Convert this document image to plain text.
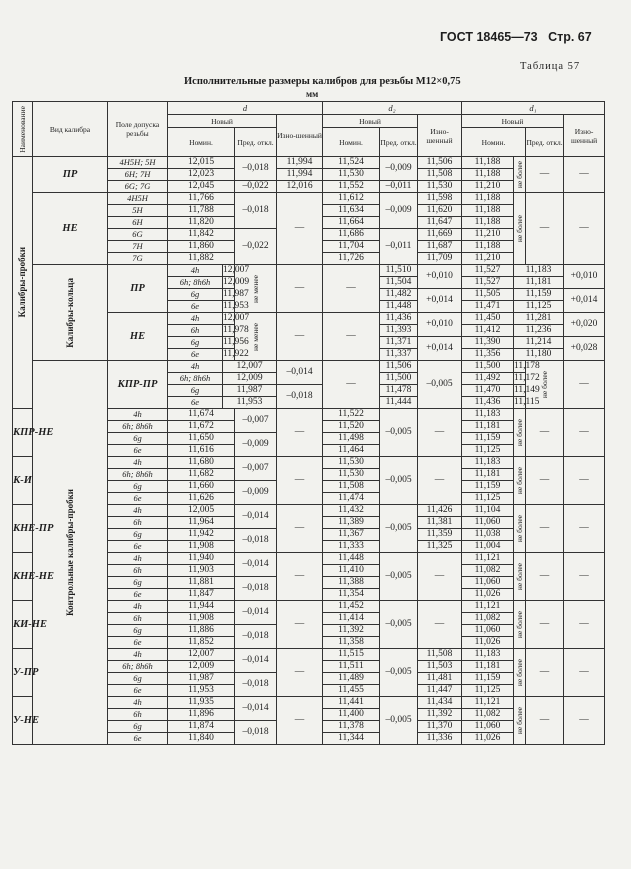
ГОСТ 18465—73 Стр. 67
Таблица 57
Исполнительные размеры калибров для резьбы М12×0,75
мм
Наименование	Вид калибра	Поле допуска резьбы	d				d₂			d₁				
			Новый			Изно-шенный	Новый		Изно-шенный	Новый			Изно-шенный	
			Номин.		Пред. откл.		Номин.	Пред. откл.		Номин.		Пред. откл.		

Калибры-пробки	ПР	4H5H; 5H	12,015		–0,018	11,994	11,524	–0,009	11,506	11,188	не более	—	—	
		6H; 7H	12,023			11,994	11,530		11,508	11,188				
		6G; 7G	12,045		–0,022	12,016	11,552	–0,011	11,530	11,210				
	НЕ	4H5H	11,766		–0,018	—	11,612	–0,009	11,598	11,188	не более	—	—	
		5H	11,788				11,634		11,620	11,188				
		6H	11,820				11,664		11,647	11,188				
		6G	11,842		–0,022		11,686	–0,011	11,669	11,210				
		7H	11,860				11,704		11,687	11,188				
		7G	11,882				11,726		11,709	11,210				

	Калибры-кольца	ПР	4h	12,007	не менее	—	—	11,510	+0,010	11,527	11,183		+0,010	
			6h; 8h6h	12,009				11,504		11,527	11,181	
			6g	11,987				11,482	+0,014	11,505	11,159		+0,014	
			6e	11,953				11,448		11,471	11,125	
		НЕ	4h	12,007	не менее	—	—	11,436	+0,010	11,450	11,281		+0,020	
			6h	11,978				11,393		11,412	11,236			
			6g	11,956				11,371	+0,014	11,390	11,214		+0,028	
			6e	11,922				11,337		11,356	11,180			

	Контрольные калибры-пробки	КПР-ПР	4h	12,007		–0,014	—	11,506	–0,005	11,500	11,178	не более	—	
			6h; 8h6h	12,009				11,500		11,492	11,172			
			6g	11,987		–0,018		11,478		11,470	11,149			
			6e	11,953				11,444		11,436	11,115			
КПР-НЕ		4h	11,674		–0,007	—	11,522	–0,005	—	11,183	не более	—	—	
		6h; 8h6h	11,672				11,520			11,181				
		6g	11,650		–0,009		11,498			11,159				
		6e	11,616				11,464			11,125				
К-И		4h	11,680		–0,007	—	11,530	–0,005	—	11,183	не более	—	—	
		6h; 8h6h	11,682				11,530			11,181				
		6g	11,660		–0,009		11,508			11,159				
		6e	11,626				11,474			11,125				
КНЕ-ПР		4h	12,005		–0,014	—	11,432	–0,005	11,426	11,104	не более	—	—	
		6h	11,964				11,389		11,381	11,060				
		6g	11,942		–0,018		11,367		11,359	11,038				
		6e	11,908				11,333		11,325	11,004				
КНЕ-НЕ		4h	11,940		–0,014	—	11,448	–0,005	—	11,121	не более	—	—	
		6h	11,903				11,410			11,082				
		6g	11,881		–0,018		11,388			11,060				
		6e	11,847				11,354			11,026				
КИ-НЕ		4h	11,944		–0,014	—	11,452	–0,005	—	11,121	не более	—	—	
		6h	11,908				11,414			11,082				
		6g	11,886		–0,018		11,392			11,060				
		6e	11,852				11,358			11,026				
У-ПР		4h	12,007		–0,014	—	11,515	–0,005	11,508	11,183	не более	—	—	
		6h; 8h6h	12,009				11,511		11,503	11,181				
		6g	11,987		–0,018		11,489		11,481	11,159				
		6e	11,953				11,455		11,447	11,125				
У-НЕ		4h	11,935		–0,014	—	11,441	–0,005	11,434	11,121	не более	—	—	
		6h	11,896				11,400		11,392	11,082				
		6g	11,874		–0,018		11,378		11,370	11,060				
		6e	11,840				11,344		11,336	11,026				
